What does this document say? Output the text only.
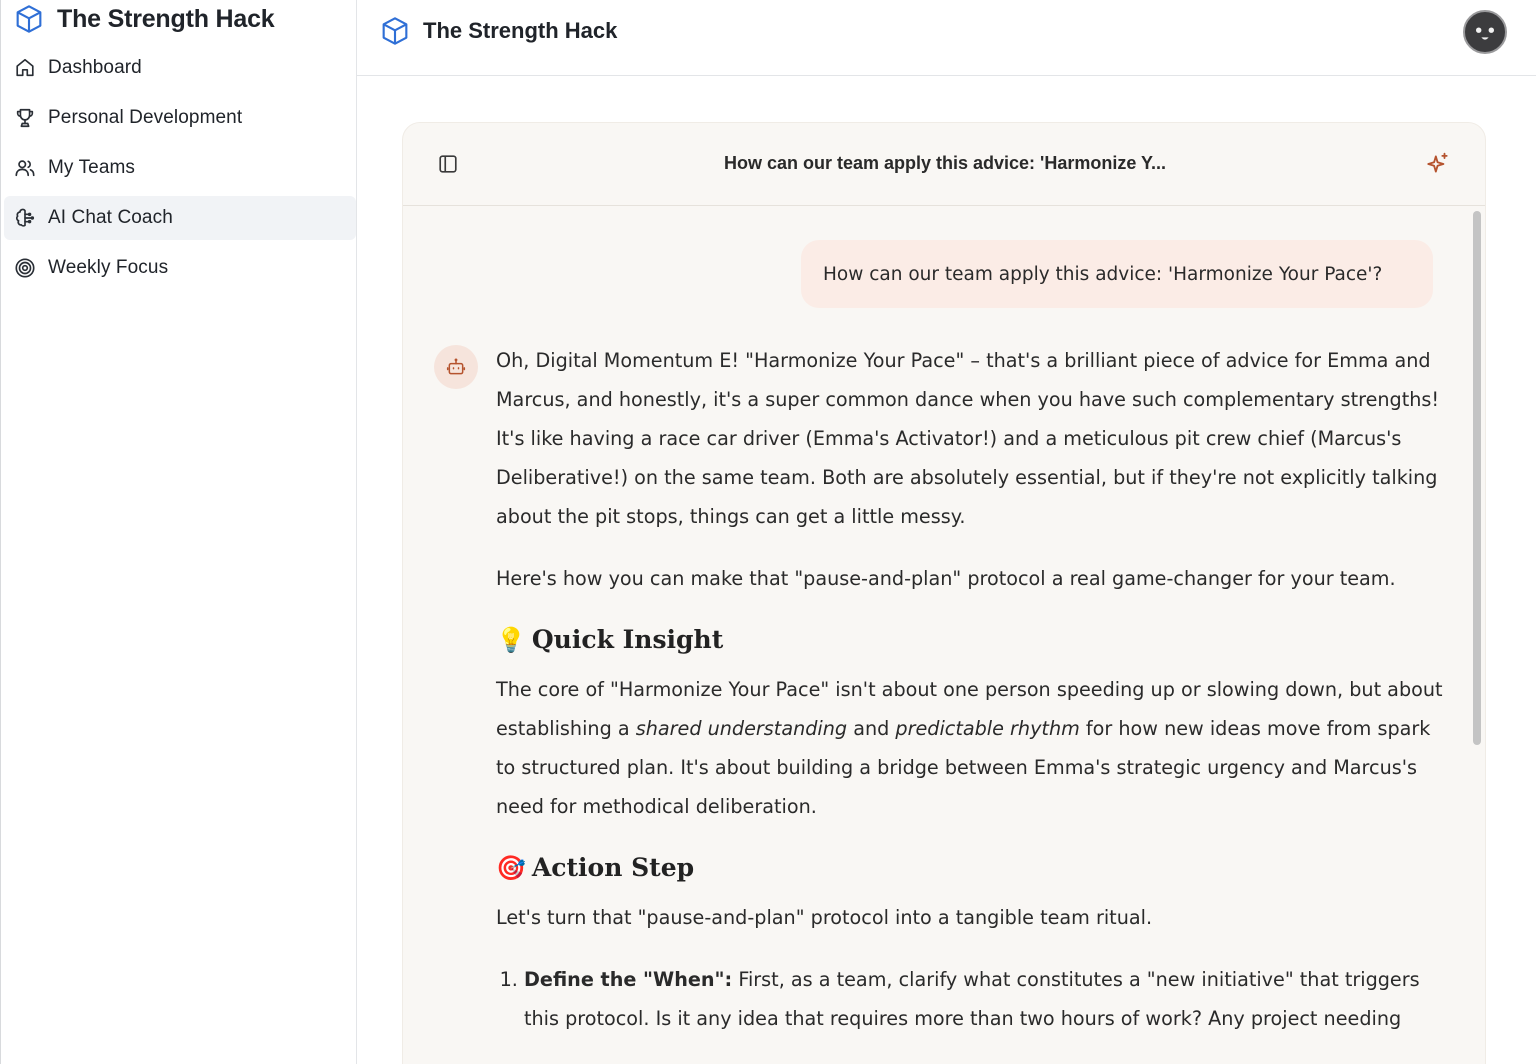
The Strength Hack
Dashboard
Personal Development
My Teams
AI Chat Coach
Weekly Focus
The Strength Hack
How can our team apply this advice: 'Harmonize Y...
How can our team apply this advice: 'Harmonize Your Pace'?

Oh, Digital Momentum E! "Harmonize Your Pace" – that's a brilliant piece of advice for Emma and Marcus, and honestly, it's a super common dance when you have such complementary strengths! It's like having a race car driver (Emma's Activator!) and a meticulous pit crew chief (Marcus's Deliberative!) on the same team. Both are absolutely essential, but if they're not explicitly talking about the pit stops, things can get a little messy.

Here's how you can make that "pause-and-plan" protocol a real game-changer for your team.

💡 Quick Insight

The core of "Harmonize Your Pace" isn't about one person speeding up or slowing down, but about establishing a shared understanding and predictable rhythm for how new ideas move from spark to structured plan. It's about building a bridge between Emma's strategic urgency and Marcus's need for methodical deliberation.

🎯 Action Step

Let's turn that "pause-and-plan" protocol into a tangible team ritual.

1. Define the "When": First, as a team, clarify what constitutes a "new initiative" that triggers this protocol. Is it any idea that requires more than two hours of work? Any project needing
